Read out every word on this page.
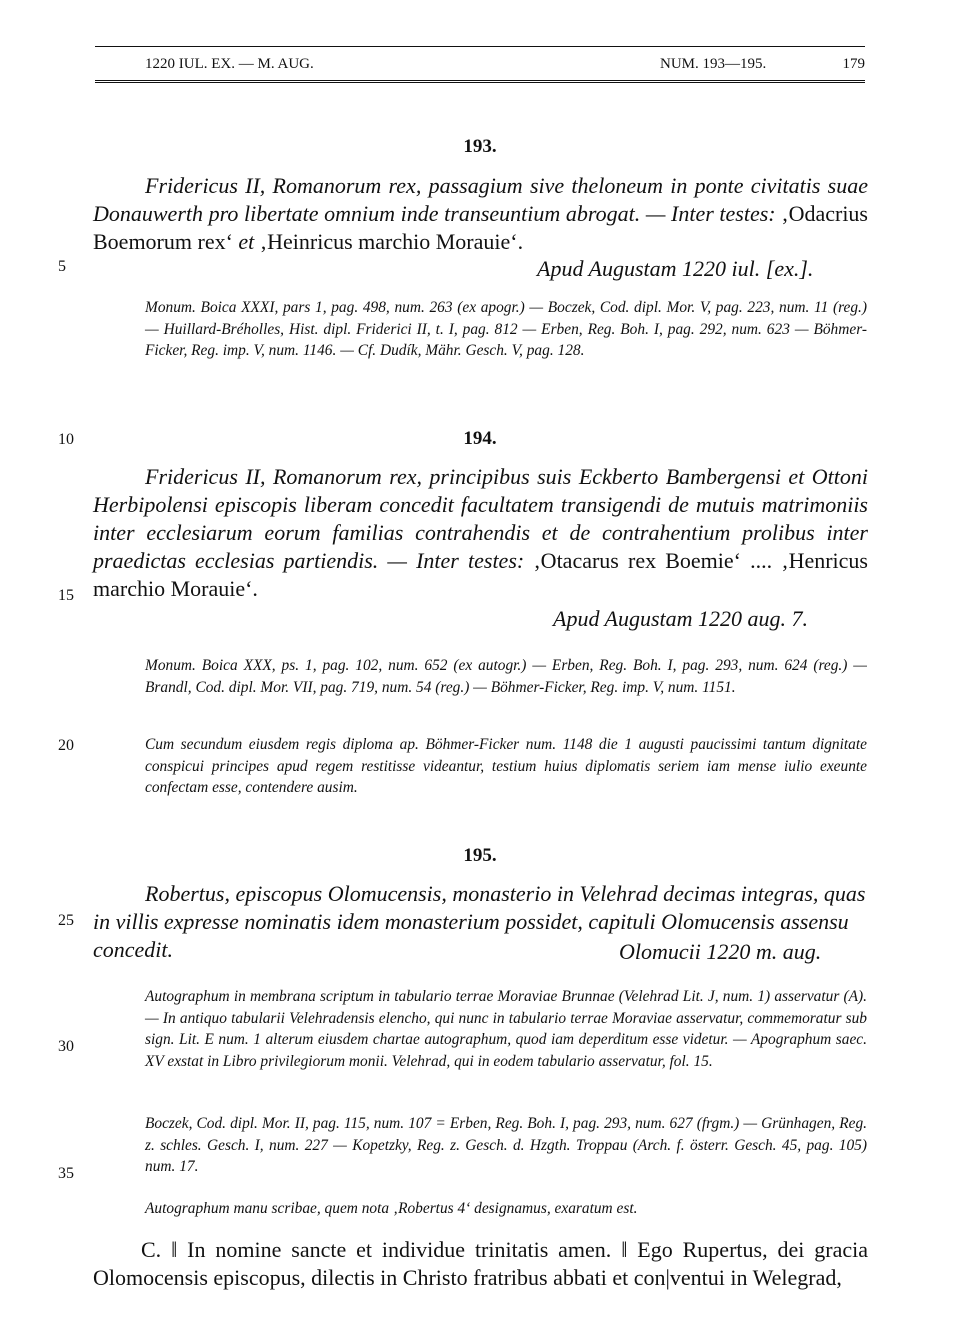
1220 IUL. EX. — M. AUG.	NUM. 193—195.	179
5
10
15
20
25
30
35
193.

Fridericus II, Romanorum rex, passagium sive theloneum in ponte civitatis suae Donauwerth pro libertate omnium inde transeuntium abrogat. — Inter testes: ‚Odacrius Boemorum rex‘ et ‚Heinricus marchio Morauie‘.

Apud Augustam 1220 iul. [ex.].

Monum. Boica XXXI, pars 1, pag. 498, num. 263 (ex apogr.) — Boczek, Cod. dipl. Mor. V, pag. 223, num. 11 (reg.) — Huillard-Bréholles, Hist. dipl. Friderici II, t. I, pag. 812 — Erben, Reg. Boh. I, pag. 292, num. 623 — Böhmer-Ficker, Reg. imp. V, num. 1146. — Cf. Dudík, Mähr. Gesch. V, pag. 128.

194.

Fridericus II, Romanorum rex, principibus suis Eckberto Bambergensi et Ottoni Herbipolensi episcopis liberam concedit facultatem transigendi de mutuis matrimoniis inter ecclesiarum eorum familias contrahendis et de contrahentium prolibus inter praedictas ecclesias partiendis. — Inter testes: ‚Otacarus rex Boemie‘ .... ‚Henricus marchio Morauie‘.

Apud Augustam 1220 aug. 7.

Monum. Boica XXX, ps. 1, pag. 102, num. 652 (ex autogr.) — Erben, Reg. Boh. I, pag. 293, num. 624 (reg.) — Brandl, Cod. dipl. Mor. VII, pag. 719, num. 54 (reg.) — Böhmer-Ficker, Reg. imp. V, num. 1151.

Cum secundum eiusdem regis diploma ap. Böhmer-Ficker num. 1148 die 1 augusti paucissimi tantum dignitate conspicui principes apud regem restitisse videantur, testium huius diplomatis seriem iam mense iulio exeunte confectam esse, contendere ausim.

195.

Robertus, episcopus Olomucensis, monasterio in Velehrad decimas integras, quas in villis expresse nominatis idem monasterium possidet, capituli Olomucensis assensu concedit.	Olomucii 1220 m. aug.

Autographum in membrana scriptum in tabulario terrae Moraviae Brunnae (Velehrad Lit. J, num. 1) asservatur (A). — In antiquo tabularii Velehradensis elencho, qui nunc in tabulario terrae Moraviae asservatur, commemoratur sub sign. Lit. E num. 1 alterum eiusdem chartae autographum, quod iam deperditum esse videtur. — Apographum saec. XV exstat in Libro privilegiorum monii. Velehrad, qui in eodem tabulario asservatur, fol. 15.

Boczek, Cod. dipl. Mor. II, pag. 115, num. 107 = Erben, Reg. Boh. I, pag. 293, num. 627 (frgm.) — Grünhagen, Reg. z. schles. Gesch. I, num. 227 — Kopetzky, Reg. z. Gesch. d. Hzgth. Troppau (Arch. f. österr. Gesch. 45, pag. 105) num. 17.

Autographum manu scribae, quem nota ‚Robertus 4‘ designamus, exaratum est.

C. ǁ In nomine sancte et individue trinitatis amen. ǁ Ego Rupertus, dei gracia Olomocensis episcopus, dilectis in Christo fratribus abbati et con|ventui in Welegrad,
